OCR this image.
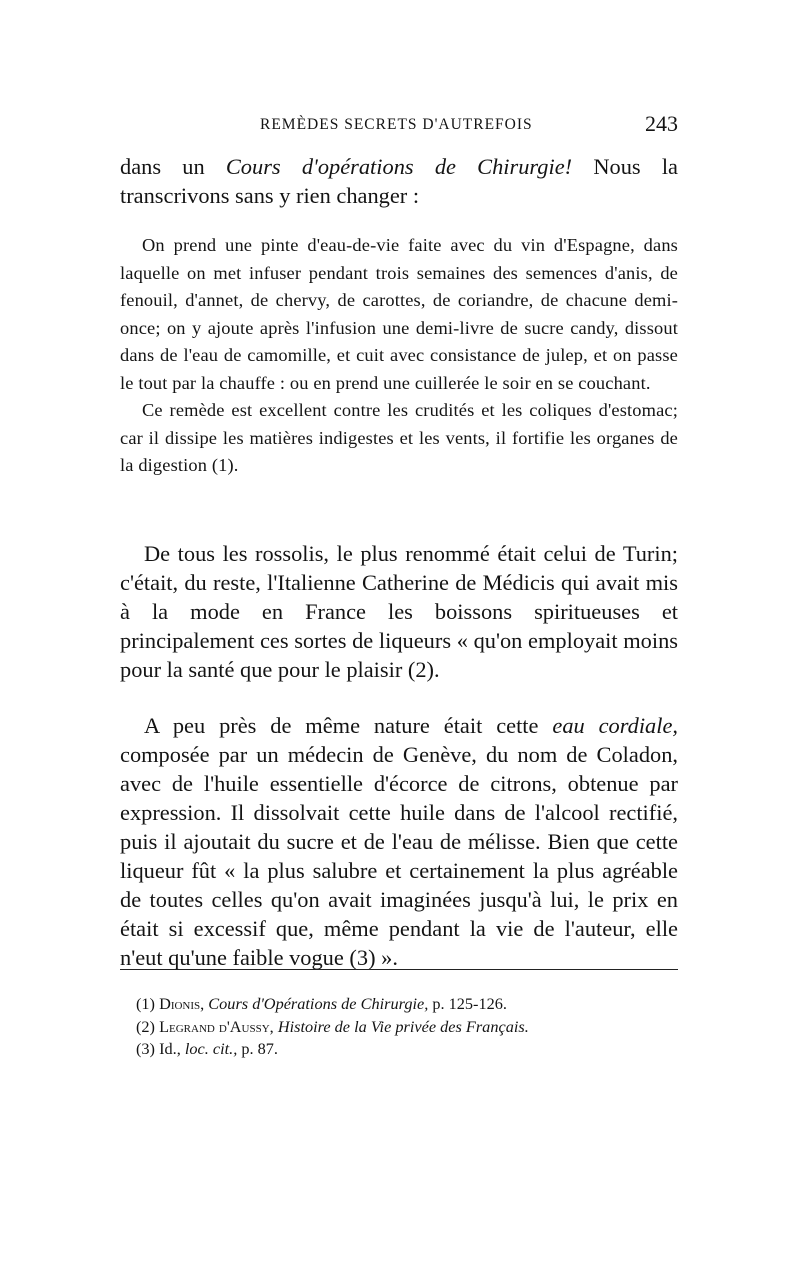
REMÈDES SECRETS D'AUTREFOIS	243

dans un Cours d'opérations de Chirurgie! Nous la transcrivons sans y rien changer :

On prend une pinte d'eau-de-vie faite avec du vin d'Espagne, dans laquelle on met infuser pendant trois semaines des semences d'anis, de fenouil, d'annet, de chervy, de carottes, de coriandre, de chacune demi-once; on y ajoute après l'infusion une demi-livre de sucre candy, dissout dans de l'eau de camomille, et cuit avec consistance de julep, et on passe le tout par la chauffe : ou en prend une cuillerée le soir en se couchant.

Ce remède est excellent contre les crudités et les coliques d'estomac; car il dissipe les matières indigestes et les vents, il fortifie les organes de la digestion (1).

De tous les rossolis, le plus renommé était celui de Turin; c'était, du reste, l'Italienne Catherine de Médicis qui avait mis à la mode en France les boissons spiritueuses et principalement ces sortes de liqueurs « qu'on employait moins pour la santé que pour le plaisir (2).

A peu près de même nature était cette eau cordiale, composée par un médecin de Genève, du nom de Coladon, avec de l'huile essentielle d'écorce de citrons, obtenue par expression. Il dissolvait cette huile dans de l'alcool rectifié, puis il ajoutait du sucre et de l'eau de mélisse. Bien que cette liqueur fût « la plus salubre et certainement la plus agréable de toutes celles qu'on avait imaginées jusqu'à lui, le prix en était si excessif que, même pendant la vie de l'auteur, elle n'eut qu'une faible vogue (3) ».

(1) Dionis, Cours d'Opérations de Chirurgie, p. 125-126.
(2) Legrand d'Aussy, Histoire de la Vie privée des Français.
(3) Id., loc. cit., p. 87.
